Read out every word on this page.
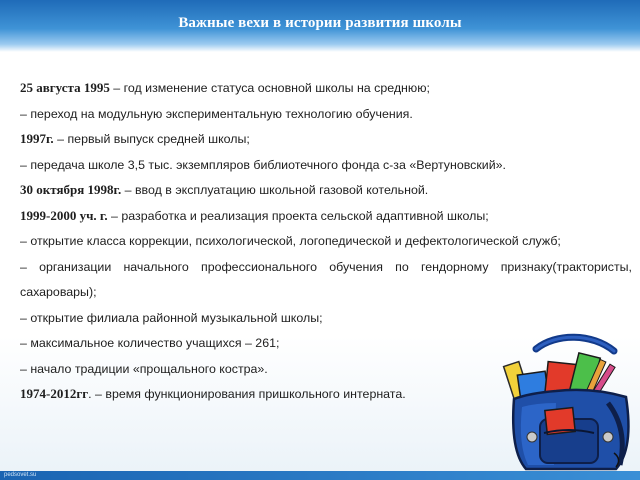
Важные вехи в истории развития школы
25 августа 1995 – год изменение статуса основной школы на среднюю;
– переход на модульную экспериментальную технологию обучения.
1997г. – первый выпуск средней школы;
– передача школе 3,5 тыс. экземпляров библиотечного фонда с-за «Вертуновский».
30 октября 1998г. – ввод в эксплуатацию школьной газовой котельной.
1999-2000 уч. г. – разработка и реализация проекта сельской адаптивной школы;
– открытие класса коррекции, психологической, логопедической и дефектологической служб;
– организации начального профессионального обучения по гендорному признаку(трактористы,
сахаровары);
– открытие филиала районной музыкальной школы;
– максимальное количество учащихся – 261;
– начало традиции «прощального костра».
1974-2012гг. – время функционирования пришкольного интерната.
pedsovet.su
